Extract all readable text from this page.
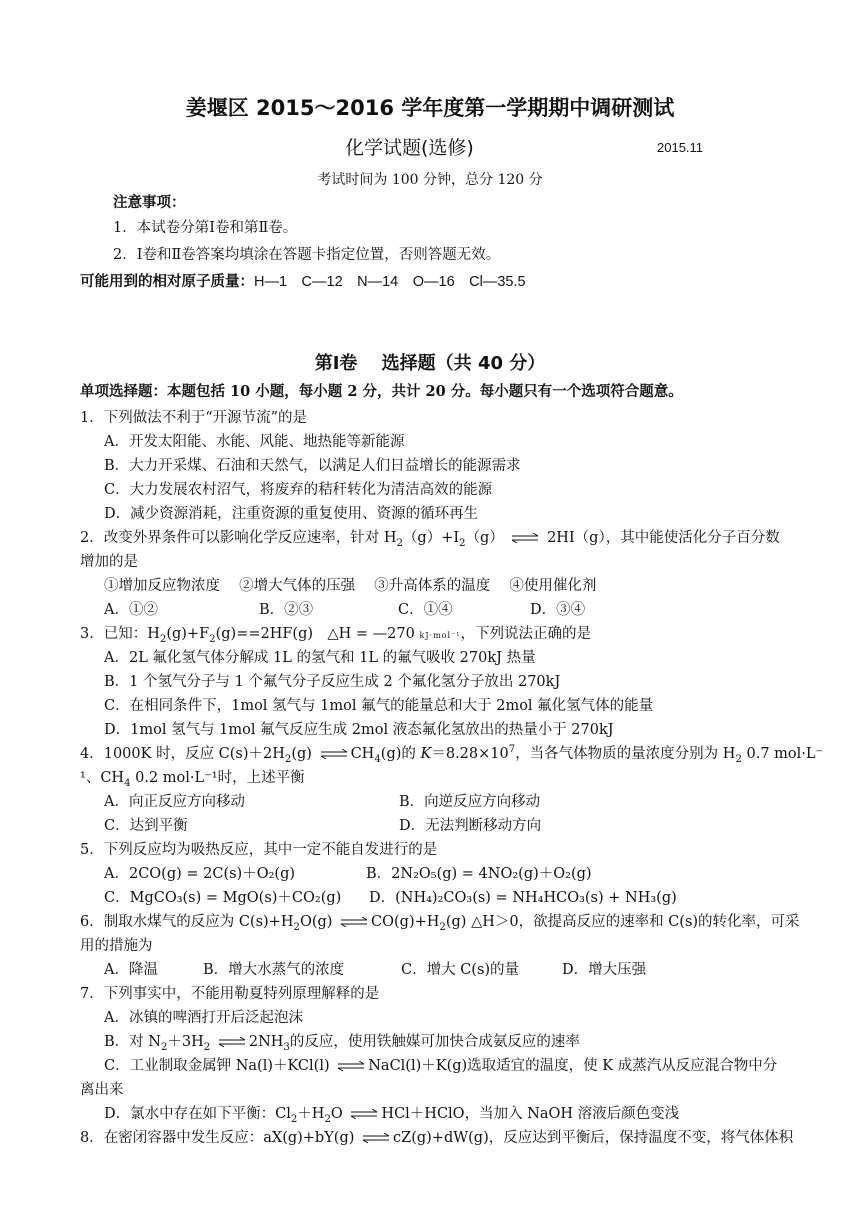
姜堰区 2015～2016 学年度第一学期期中调研测试
化学试题(选修)	2015.11
考试时间为 100 分钟，总分 120 分
注意事项：
1．本试卷分第Ⅰ卷和第Ⅱ卷。
2．Ⅰ卷和Ⅱ卷答案均填涂在答题卡指定位置，否则答题无效。
可能用到的相对原子质量：H—1　C—12　N—14　O—16　Cl—35.5
第Ⅰ卷　 选择题（共 40 分）
单项选择题：本题包括 10 小题，每小题 2 分，共计 20 分。每小题只有一个选项符合题意。
1．下列做法不利于“开源节流”的是
A．开发太阳能、水能、风能、地热能等新能源
B．大力开采煤、石油和天然气，以满足人们日益增长的能源需求
C．大力发展农村沼气，将废弃的秸秆转化为清洁高效的能源
D．减少资源消耗，注重资源的重复使用、资源的循环再生
2．改变外界条件可以影响化学反应速率，针对 $H_2(g)+I_2(g)$ ⇌ 2HI（g），其中能使活化分子百分数
增加的是
①增加反应物浓度　 ②增大气体的压强　 ③升高体系的温度　 ④使用催化剂
A．①②	B．②③	C．①④	D．③④
3．已知：$H_2(g)+F_2(g)==2HF(g)$　△H = —270 kJ·mol⁻¹，下列说法正确的是
A．2L 氟化氢气体分解成 1L 的氢气和 1L 的氟气吸收 270kJ 热量
B．1 个氢气分子与 1 个氟气分子反应生成 2 个氟化氢分子放出 270kJ
C．在相同条件下，1mol 氢气与 1mol 氟气的能量总和大于 2mol 氟化氢气体的能量
D．1mol 氢气与 1mol 氟气反应生成 2mol 液态氟化氢放出的热量小于 270kJ
4．1000K 时，反应 $C(s)+2H_2(g)$ ⇌ $CH_4(g)$的 $K=8.28\times 10^7$，当各气体物质的量浓度分别为 $H_2$ 0.7 mol·L⁻
¹、$CH_4$ 0.2 mol·L⁻¹时，上述平衡
A．向正反应方向移动	B．向逆反应方向移动
C．达到平衡	D．无法判断移动方向
5．下列反应均为吸热反应，其中一定不能自发进行的是
A．2CO(g) = 2C(s)＋O₂(g)	B．2N₂O₅(g) = 4NO₂(g)＋O₂(g)
C．MgCO₃(s) = MgO(s)＋CO₂(g) D．(NH₄)₂CO₃(s) = NH₄HCO₃(s) + NH₃(g)
6．制取水煤气的反应为 $C(s)+H_2O(g)$ ⇌ $CO(g)+H_2(g)$ △H＞0，欲提高反应的速率和 C(s)的转化率，可采
用的措施为
A．降温	B．增大水蒸气的浓度	C．增大 C(s)的量	D．增大压强
7．下列事实中，不能用勒夏特列原理解释的是
A．冰镇的啤酒打开后泛起泡沫
B．对 $N_2+3H_2$ ⇌ $2NH_3$的反应，使用铁触媒可加快合成氨反应的速率
C．工业制取金属钾 Na(l)＋KCl(l) ⇌ NaCl(l)＋K(g)选取适宜的温度，使 K 成蒸汽从反应混合物中分
离出来
D．氯水中存在如下平衡：$Cl_2+H_2O$ ⇌ HCl＋HClO，当加入 NaOH 溶液后颜色变浅
8．在密闭容器中发生反应：aX(g)+bY(g) ⇌ cZ(g)+dW(g)，反应达到平衡后，保持温度不变，将气体体积
